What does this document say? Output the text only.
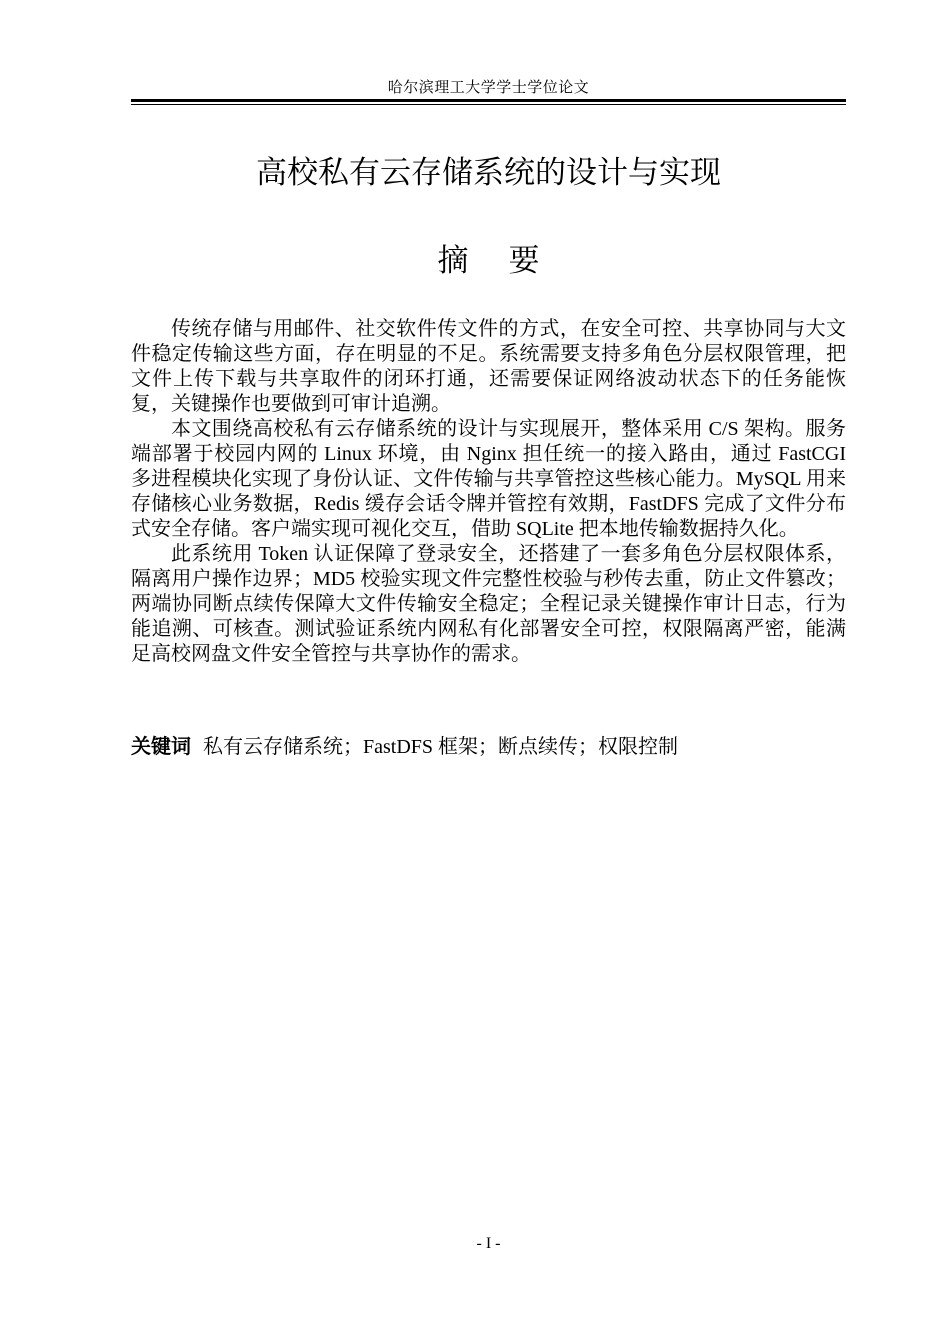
哈尔滨理工大学学士学位论文
高校私有云存储系统的设计与实现
摘 要

传统存储与用邮件、社交软件传文件的方式，在安全可控、共享协同与大文件稳定传输这些方面，存在明显的不足。系统需要支持多角色分层权限管理，把文件上传下载与共享取件的闭环打通，还需要保证网络波动状态下的任务能恢复，关键操作也要做到可审计追溯。

本文围绕高校私有云存储系统的设计与实现展开，整体采用 C/S 架构。服务端部署于校园内网的 Linux 环境，由 Nginx 担任统一的接入路由，通过 FastCGI 多进程模块化实现了身份认证、文件传输与共享管控这些核心能力。MySQL 用来存储核心业务数据，Redis 缓存会话令牌并管控有效期，FastDFS 完成了文件分布式安全存储。客户端实现可视化交互，借助 SQLite 把本地传输数据持久化。

此系统用 Token 认证保障了登录安全，还搭建了一套多角色分层权限体系，隔离用户操作边界；MD5 校验实现文件完整性校验与秒传去重，防止文件篡改；两端协同断点续传保障大文件传输安全稳定；全程记录关键操作审计日志，行为能追溯、可核查。测试验证系统内网私有化部署安全可控，权限隔离严密，能满足高校网盘文件安全管控与共享协作的需求。

关键词 私有云存储系统；FastDFS 框架；断点续传；权限控制
- I -
